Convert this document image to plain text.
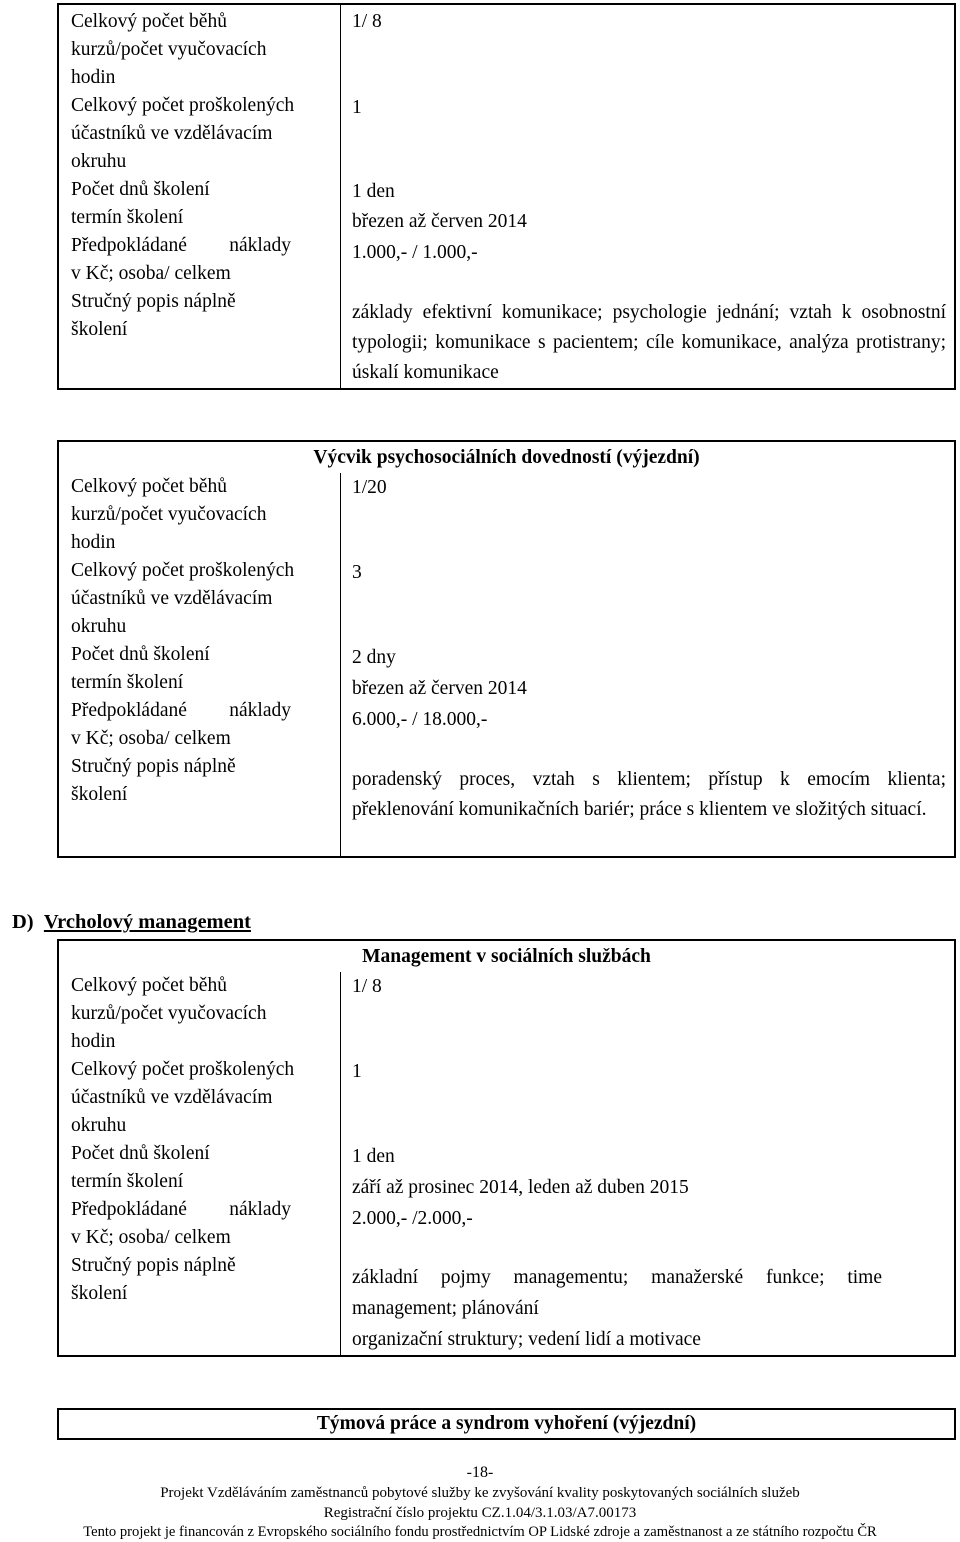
Celkový počet běhů
kurzů/počet vyučovacích
hodin
Celkový počet proškolených
účastníků ve vzdělávacím
okruhu
Počet dnů školení
termín školení
Předpokládané náklady
v Kč; osoba/ celkem
Stručný popis náplně
školení
1/ 8
1
1 den
březen až červen 2014
1.000,- / 1.000,-
základy efektivní komunikace; psychologie jednání; vztah k osobnostní typologii; komunikace s pacientem; cíle komunikace, analýza protistrany; úskalí komunikace
Výcvik psychosociálních dovedností (výjezdní)
Celkový počet běhů
kurzů/počet vyučovacích
hodin
Celkový počet proškolených
účastníků ve vzdělávacím
okruhu
Počet dnů školení
termín školení
Předpokládané náklady
v Kč; osoba/ celkem
Stručný popis náplně
školení
1/20
3
2 dny
březen až červen 2014
6.000,- / 18.000,-
poradenský proces, vztah s klientem; přístup k emocím klienta; překlenování komunikačních bariér; práce s klientem ve složitých situací.
D) Vrcholový management
Management v sociálních službách
Celkový počet běhů
kurzů/počet vyučovacích
hodin
Celkový počet proškolených
účastníků ve vzdělávacím
okruhu
Počet dnů školení
termín školení
Předpokládané náklady
v Kč; osoba/ celkem
Stručný popis náplně
školení
1/ 8
1
1 den
září až prosinec 2014, leden až duben 2015
2.000,- /2.000,-
základní pojmy managementu; manažerské funkce; time
management; plánování
organizační struktury; vedení lidí a motivace
Týmová práce a syndrom vyhoření (výjezdní)
-18-
Projekt Vzděláváním zaměstnanců pobytové služby ke zvyšování kvality poskytovaných sociálních služeb
Registrační číslo projektu CZ.1.04/3.1.03/A7.00173
Tento projekt je financován z Evropského sociálního fondu prostřednictvím OP Lidské zdroje a zaměstnanost a ze státního rozpočtu ČR
